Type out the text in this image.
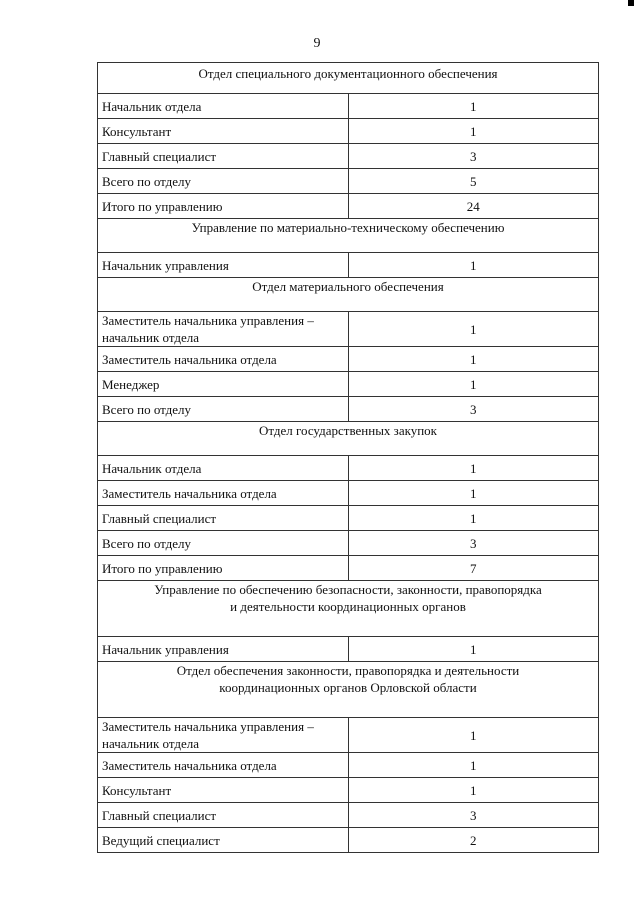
9
Отдел специального документационного обеспечения	
Начальник отдела	1
Консультант	1
Главный специалист	3
Всего по отделу	5
Итого по управлению	24
Управление по материально-техническому обеспечению	
Начальник управления	1
Отдел материального обеспечения	
Заместитель начальника управления – начальник отдела	1
Заместитель начальника отдела	1
Менеджер	1
Всего по отделу	3
Отдел государственных закупок	
Начальник отдела	1
Заместитель начальника отдела	1
Главный специалист	1
Всего по отделу	3
Итого по управлению	7

Управление по обеспечению безопасности, законности, правопорядка
и деятельности координационных органов	

Начальник управления	1

Отдел обеспечения законности, правопорядка и деятельности
координационных органов Орловской области	

Заместитель начальника управления – начальник отдела	1
Заместитель начальника отдела	1
Консультант	1
Главный специалист	3
Ведущий специалист	2
